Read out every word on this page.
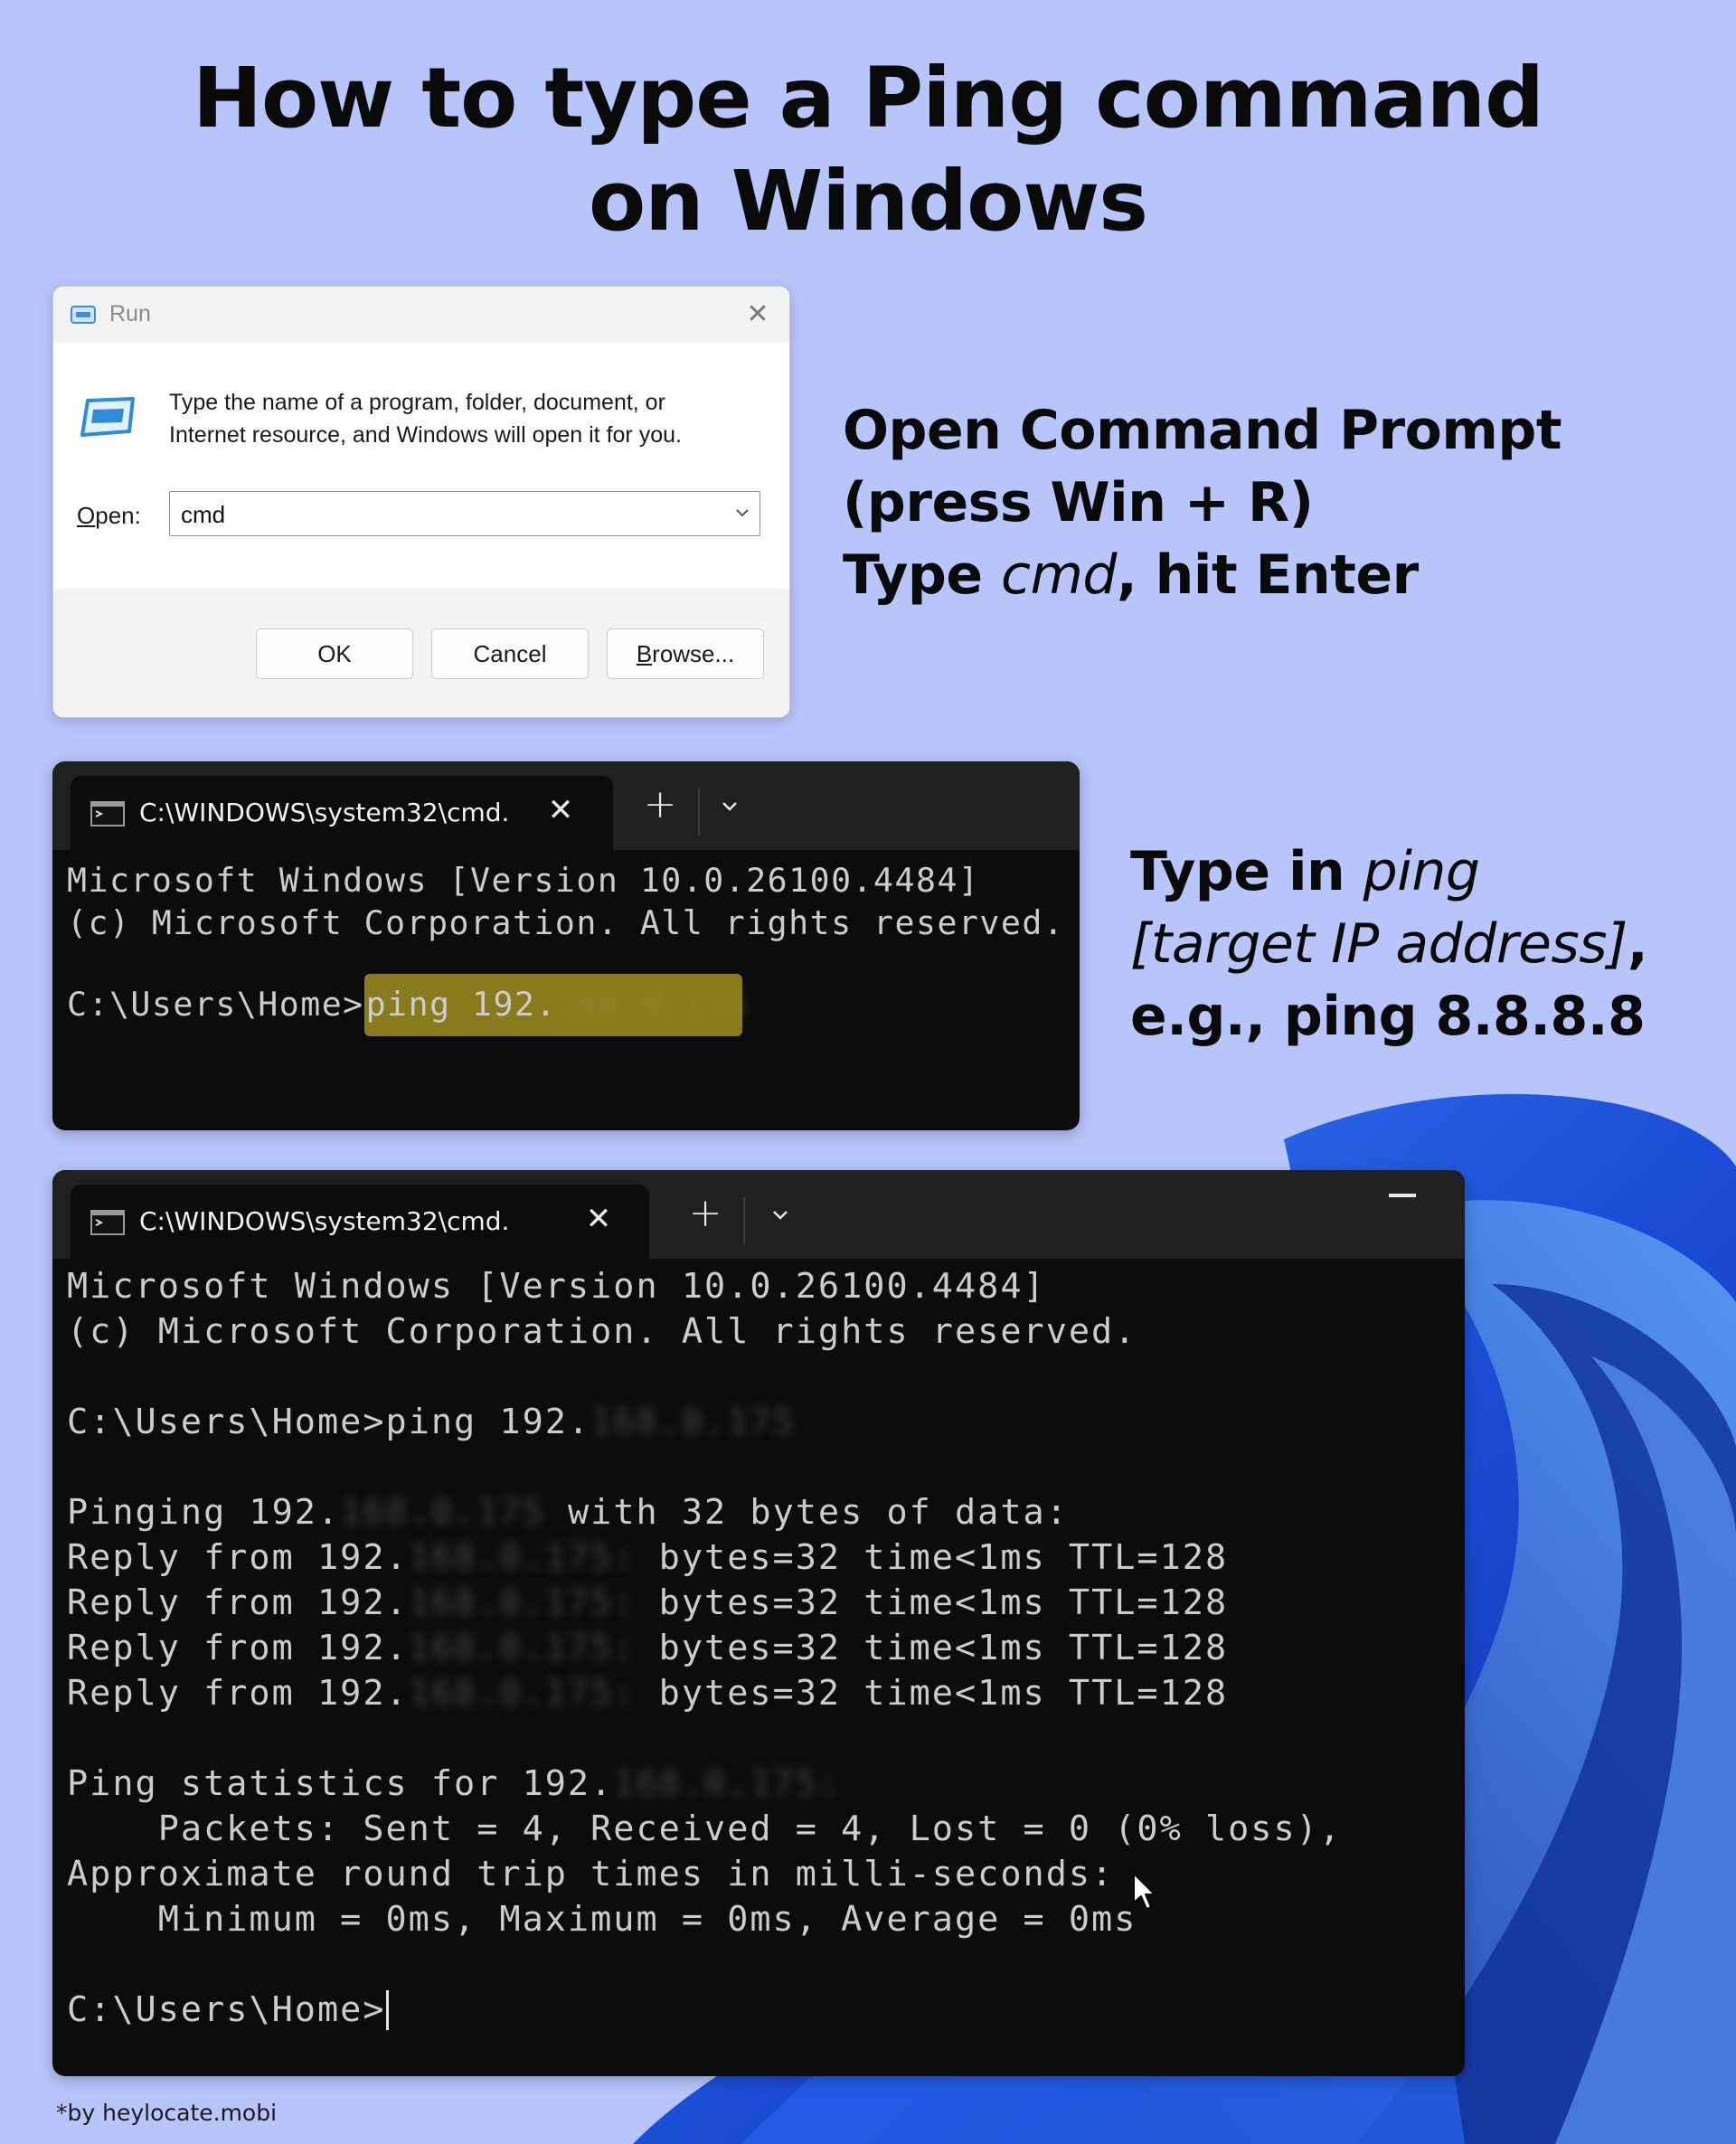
How to type a Ping command
on Windows
Run	✕
Type the name of a program, folder, document, or Internet resource, and Windows will open it for you.
Open: cmd
OK	Cancel	Browse...
Open Command Prompt
(press Win + R)
Type cmd, hit Enter
C:\WINDOWS\system32\cmd. ✕ +
Microsoft Windows [Version 10.0.26100.4484]
(c) Microsoft Corporation. All rights reserved.
C:\Users\Home>ping 192.168.0.175
Type in ping
[target IP address],
e.g., ping 8.8.8.8
C:\WINDOWS\system32\cmd. ✕ +
Microsoft Windows [Version 10.0.26100.4484]
(c) Microsoft Corporation. All rights reserved.
C:\Users\Home>ping 192.168.0.175
Pinging 192.168.0.175 with 32 bytes of data:
Reply from 192.168.0.175: bytes=32 time<1ms TTL=128
Reply from 192.168.0.175: bytes=32 time<1ms TTL=128
Reply from 192.168.0.175: bytes=32 time<1ms TTL=128
Reply from 192.168.0.175: bytes=32 time<1ms TTL=128
Ping statistics for 192.168.0.175:
Packets: Sent = 4, Received = 4, Lost = 0 (0% loss),
Approximate round trip times in milli-seconds:
Minimum = 0ms, Maximum = 0ms, Average = 0ms
C:\Users\Home>
*by heylocate.mobi
